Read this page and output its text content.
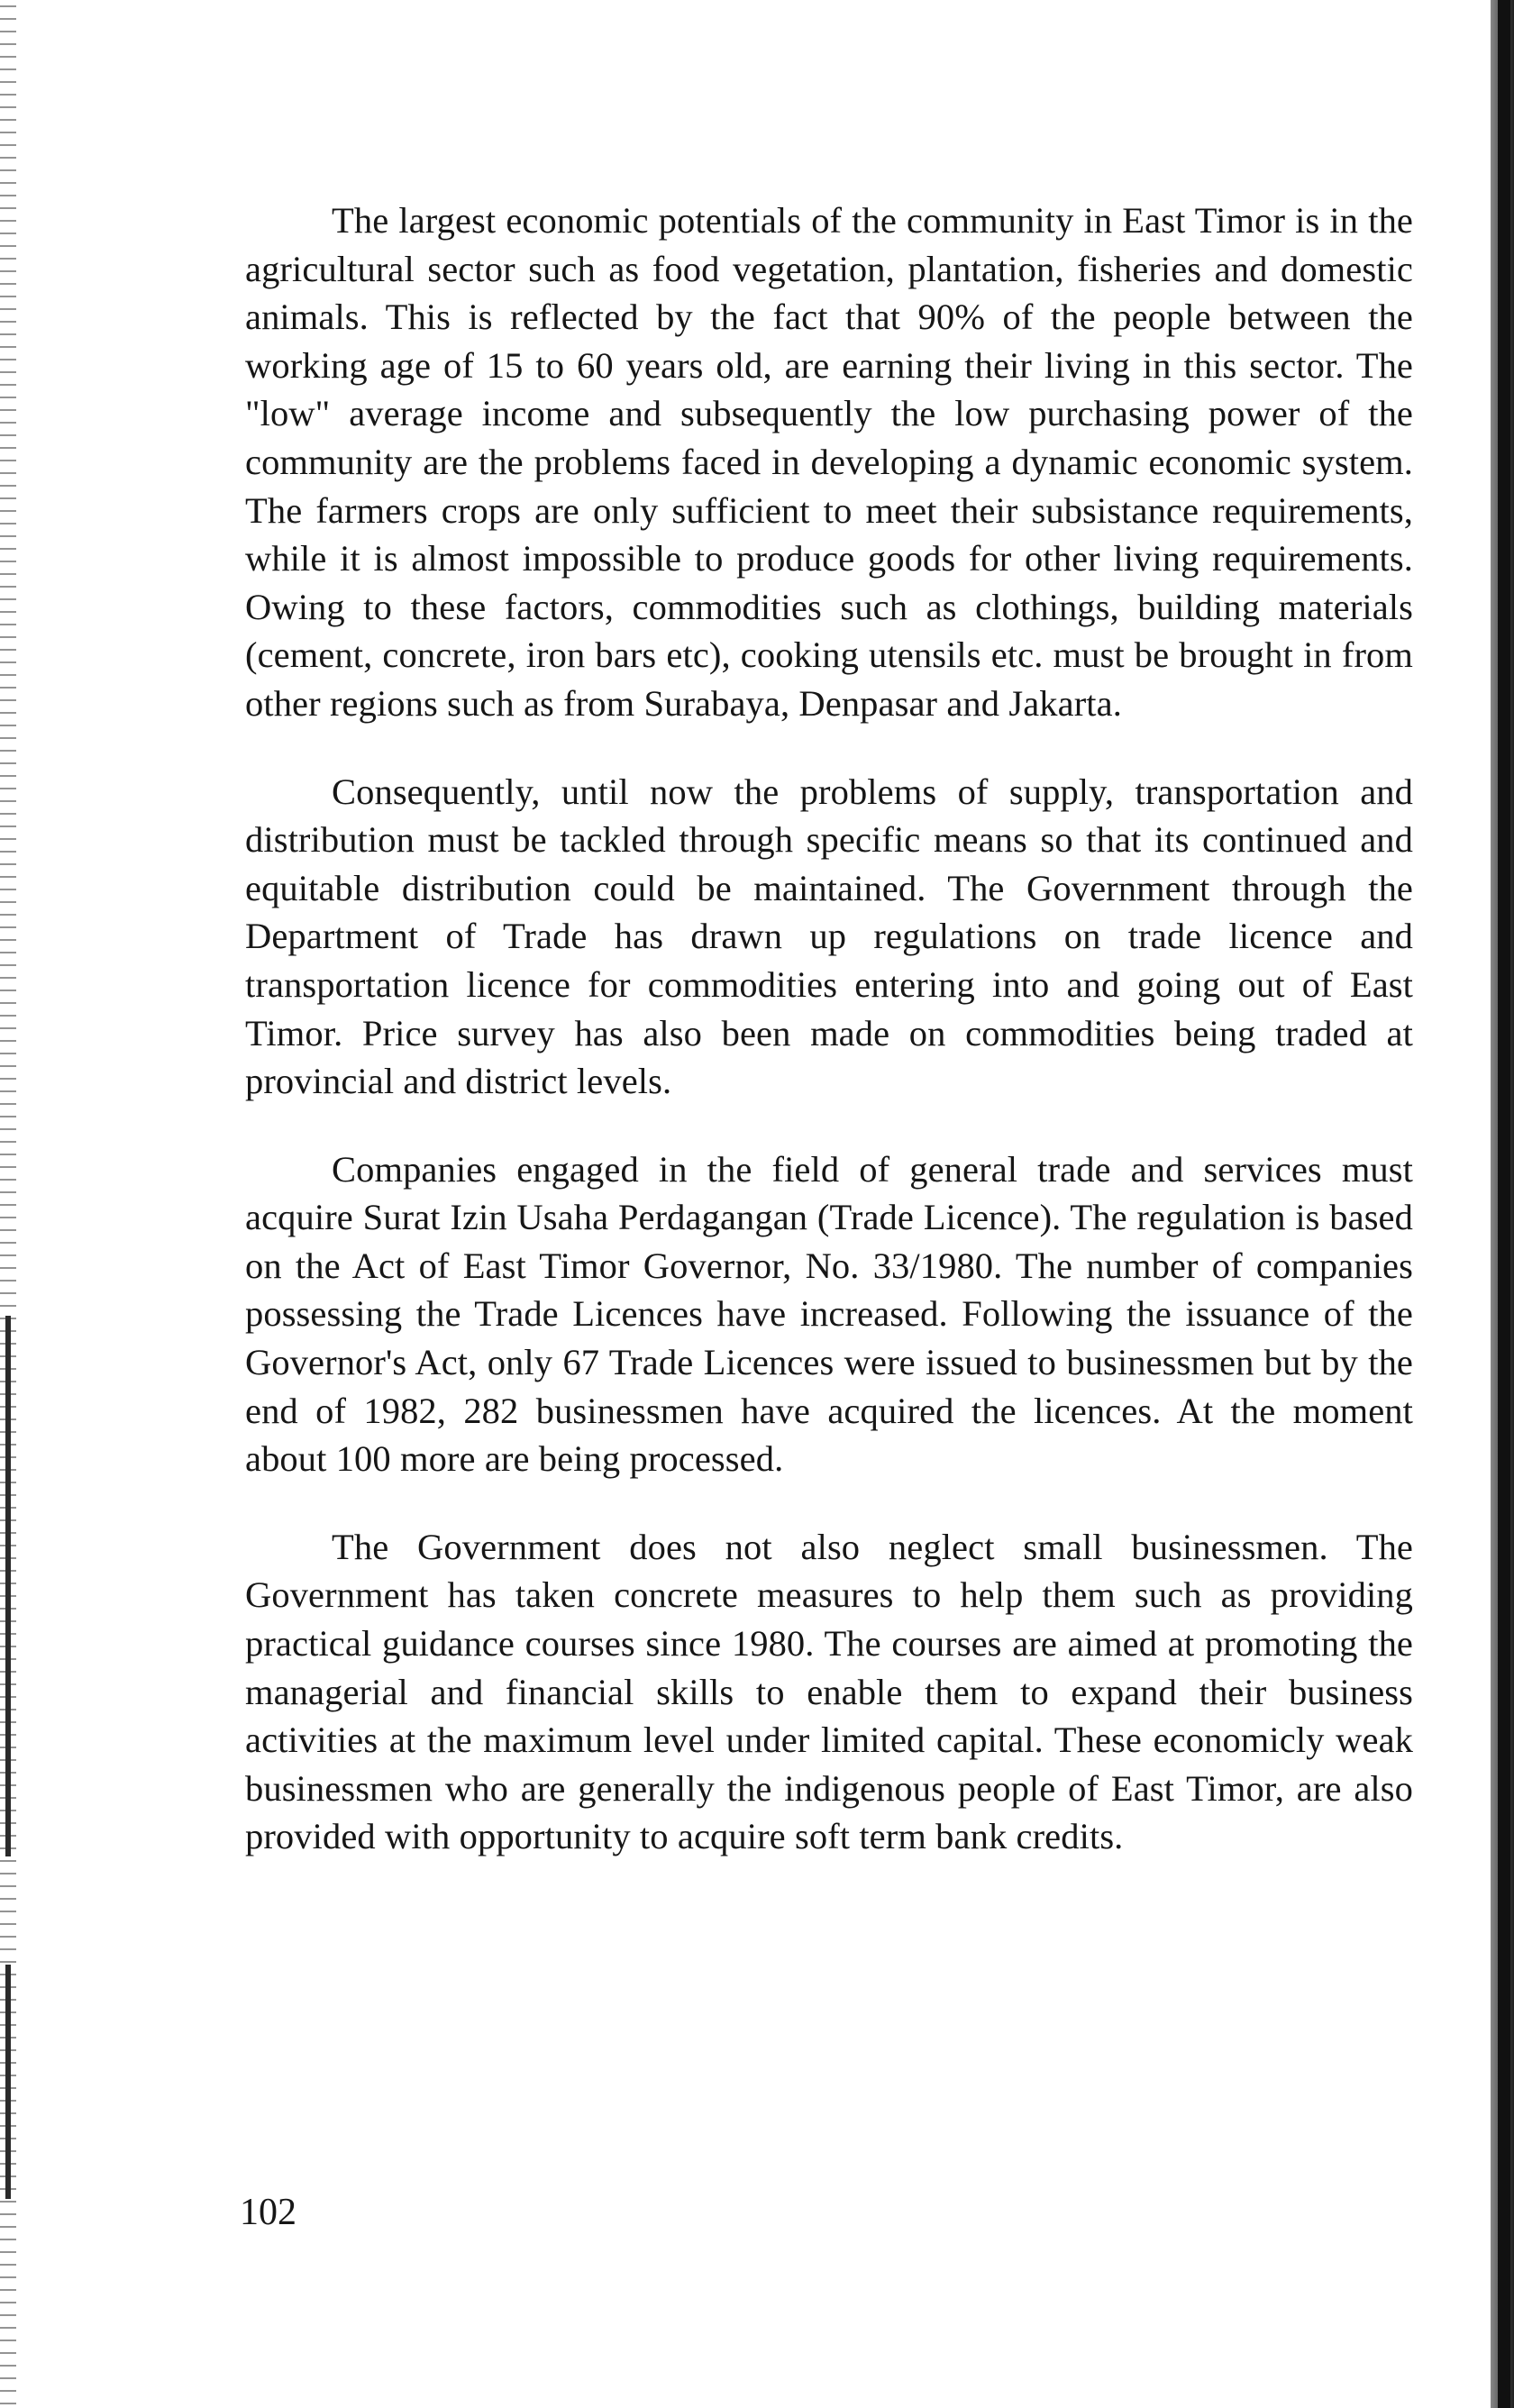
The largest economic potentials of the community in East Timor is in the agricultural sector such as food vegetation, plantation, fisheries and domestic animals. This is reflected by the fact that 90% of the people between the working age of 15 to 60 years old, are earning their living in this sector. The "low" average income and subsequently the low purchasing power of the community are the problems faced in developing a dynamic economic system. The farmers crops are only sufficient to meet their subsistance requirements, while it is almost impossible to produce goods for other living requirements. Owing to these factors, commodities such as clothings, building materials (cement, concrete, iron bars etc), cooking utensils etc. must be brought in from other regions such as from Surabaya, Denpasar and Jakarta.

Consequently, until now the problems of supply, transportation and distribution must be tackled through specific means so that its continued and equitable distribution could be maintained. The Government through the Department of Trade has drawn up regulations on trade licence and transportation licence for commodities entering into and going out of East Timor. Price survey has also been made on commodities being traded at provincial and district levels.

Companies engaged in the field of general trade and services must acquire Surat Izin Usaha Perdagangan (Trade Licence). The regulation is based on the Act of East Timor Governor, No. 33/1980. The number of companies possessing the Trade Licences have increased. Following the issuance of the Governor's Act, only 67 Trade Licences were issued to businessmen but by the end of 1982, 282 businessmen have acquired the licences. At the moment about 100 more are being processed.

The Government does not also neglect small businessmen. The Government has taken concrete measures to help them such as providing practical guidance courses since 1980. The courses are aimed at promoting the managerial and financial skills to enable them to expand their business activities at the maximum level under limited capital. These economicly weak businessmen who are generally the indigenous people of East Timor, are also provided with opportunity to acquire soft term bank credits.

102
